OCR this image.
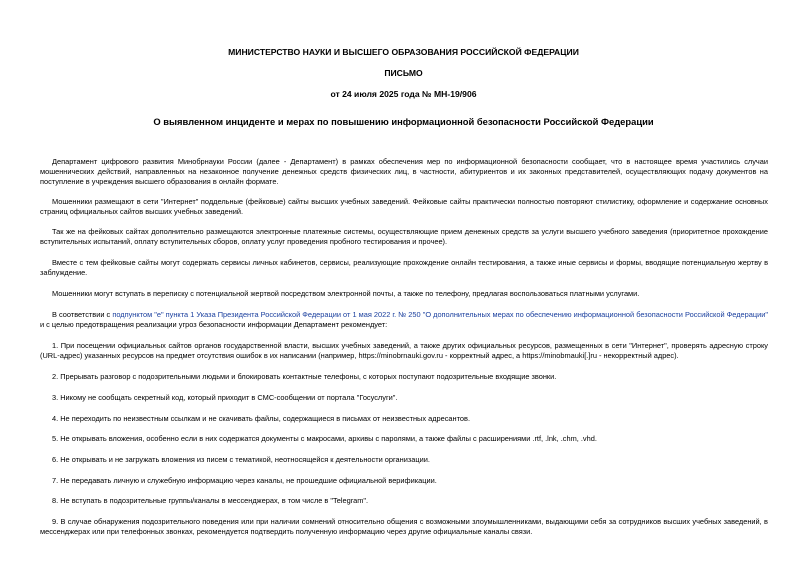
МИНИСТЕРСТВО НАУКИ И ВЫСШЕГО ОБРАЗОВАНИЯ РОССИЙСКОЙ ФЕДЕРАЦИИ
ПИСЬМО
от 24 июля 2025 года № МН-19/906
О выявленном инциденте и мерах по повышению информационной безопасности Российской Федерации
Департамент цифрового развития Минобрнауки России (далее - Департамент) в рамках обеспечения мер по информационной безопасности сообщает, что в настоящее время участились случаи мошеннических действий, направленных на незаконное получение денежных средств физических лиц, в частности, абитуриентов и их законных представителей, осуществляющих подачу документов на поступление в учреждения высшего образования в онлайн формате.
Мошенники размещают в сети "Интернет" поддельные (фейковые) сайты высших учебных заведений. Фейковые сайты практически полностью повторяют стилистику, оформление и содержание основных страниц официальных сайтов высших учебных заведений.
Так же на фейковых сайтах дополнительно размещаются электронные платежные системы, осуществляющие прием денежных средств за услуги высшего учебного заведения (приоритетное прохождение вступительных испытаний, оплату вступительных сборов, оплату услуг проведения пробного тестирования и прочее).
Вместе с тем фейковые сайты могут содержать сервисы личных кабинетов, сервисы, реализующие прохождение онлайн тестирования, а также иные сервисы и формы, вводящие потенциальную жертву в заблуждение.
Мошенники могут вступать в переписку с потенциальной жертвой посредством электронной почты, а также по телефону, предлагая воспользоваться платными услугами.
В соответствии с подпунктом "е" пункта 1 Указа Президента Российской Федерации от 1 мая 2022 г. № 250 "О дополнительных мерах по обеспечению информационной безопасности Российской Федерации" и с целью предотвращения реализации угроз безопасности информации Департамент рекомендует:
1. При посещении официальных сайтов органов государственной власти, высших учебных заведений, а также других официальных ресурсов, размещенных в сети "Интернет", проверять адресную строку (URL-адрес) указанных ресурсов на предмет отсутствия ошибок в их написании (например, https://minobrnauki.gov.ru - корректный адрес, а https://minobmauki[.]ru - некорректный адрес).
2. Прерывать разговор с подозрительными людьми и блокировать контактные телефоны, с которых поступают подозрительные входящие звонки.
3. Никому не сообщать секретный код, который приходит в СМС-сообщении от портала "Госуслуги".
4. Не переходить по неизвестным ссылкам и не скачивать файлы, содержащиеся в письмах от неизвестных адресантов.
5. Не открывать вложения, особенно если в них содержатся документы с макросами, архивы с паролями, а также файлы с расширениями .rtf, .lnk, .chm, .vhd.
6. Не открывать и не загружать вложения из писем с тематикой, неотносящейся к деятельности организации.
7. Не передавать личную и служебную информацию через каналы, не прошедшие официальной верификации.
8. Не вступать в подозрительные группы/каналы в мессенджерах, в том числе в "Telegram".
9. В случае обнаружения подозрительного поведения или при наличии сомнений относительно общения с возможными злоумышленниками, выдающими себя за сотрудников высших учебных заведений, в мессенджерах или при телефонных звонках, рекомендуется подтвердить полученную информацию через другие официальные каналы связи.
